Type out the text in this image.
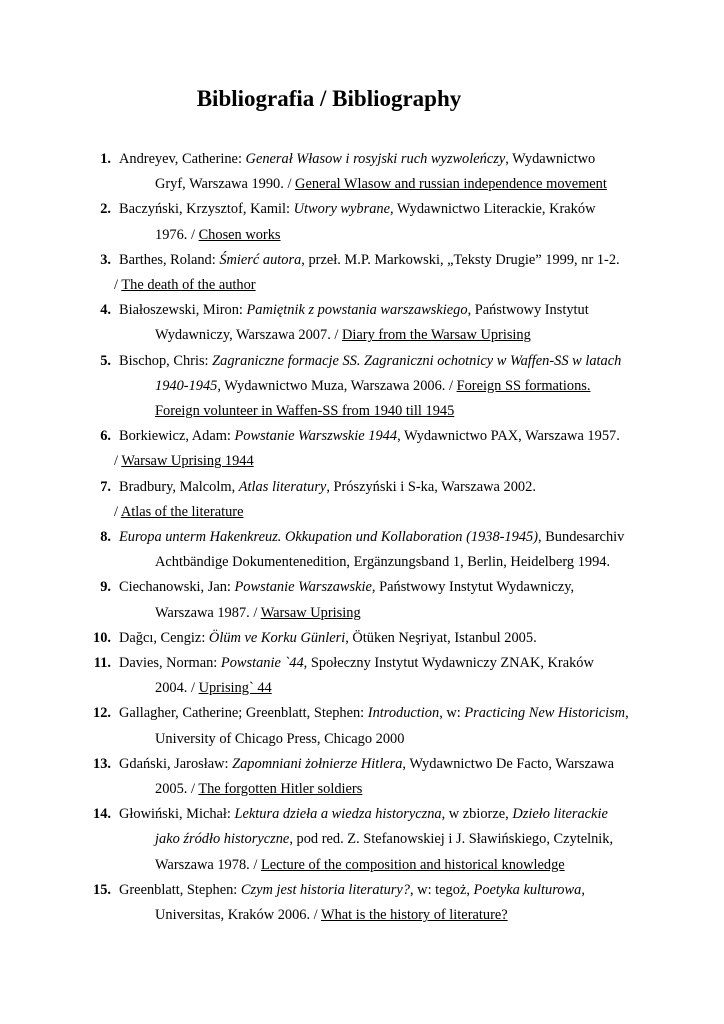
Bibliografia / Bibliography
1. Andreyev, Catherine: Generał Własow i rosyjski ruch wyzwoleńczy, Wydawnictwo
Gryf, Warszawa 1990. / General Wlasow and russian independence movement
2. Baczyński, Krzysztof, Kamil: Utwory wybrane, Wydawnictwo Literackie, Kraków
1976. / Chosen works
3. Barthes, Roland: Śmierć autora, przeł. M.P. Markowski, „Teksty Drugie” 1999, nr 1-2.
/ The death of the author
4. Białoszewski, Miron: Pamiętnik z powstania warszawskiego, Państwowy Instytut
Wydawniczy, Warszawa 2007. / Diary from the Warsaw Uprising
5. Bischop, Chris: Zagraniczne formacje SS. Zagraniczni ochotnicy w Waffen-SS w latach
1940-1945, Wydawnictwo Muza, Warszawa 2006. / Foreign SS formations.
Foreign volunteer in Waffen-SS from 1940 till 1945
6. Borkiewicz, Adam: Powstanie Warszwskie 1944, Wydawnictwo PAX, Warszawa 1957.
/ Warsaw Uprising 1944
7. Bradbury, Malcolm, Atlas literatury, Prószyński i S-ka, Warszawa 2002.
/ Atlas of the literature
8. Europa unterm Hakenkreuz. Okkupation und Kollaboration (1938-1945), Bundesarchiv
Achtbändige Dokumentenedition, Ergänzungsband 1, Berlin, Heidelberg 1994.
9. Ciechanowski, Jan: Powstanie Warszawskie, Państwowy Instytut Wydawniczy,
Warszawa 1987. / Warsaw Uprising
10. Dağcı, Cengiz: Ölüm ve Korku Günleri, Ötüken Neşriyat, Istanbul 2005.
11. Davies, Norman: Powstanie `44, Społeczny Instytut Wydawniczy ZNAK, Kraków
2004. / Uprising` 44
12. Gallagher, Catherine; Greenblatt, Stephen: Introduction, w: Practicing New Historicism,
University of Chicago Press, Chicago 2000
13. Gdański, Jarosław: Zapomniani żołnierze Hitlera, Wydawnictwo De Facto, Warszawa
2005. / The forgotten Hitler soldiers
14. Głowiński, Michał: Lektura dzieła a wiedza historyczna, w zbiorze, Dzieło literackie
jako źródło historyczne, pod red. Z. Stefanowskiej i J. Sławińskiego, Czytelnik,
Warszawa 1978. / Lecture of the composition and historical knowledge
15. Greenblatt, Stephen: Czym jest historia literatury?, w: tegoż, Poetyka kulturowa,
Universitas, Kraków 2006. / What is the history of literature?
